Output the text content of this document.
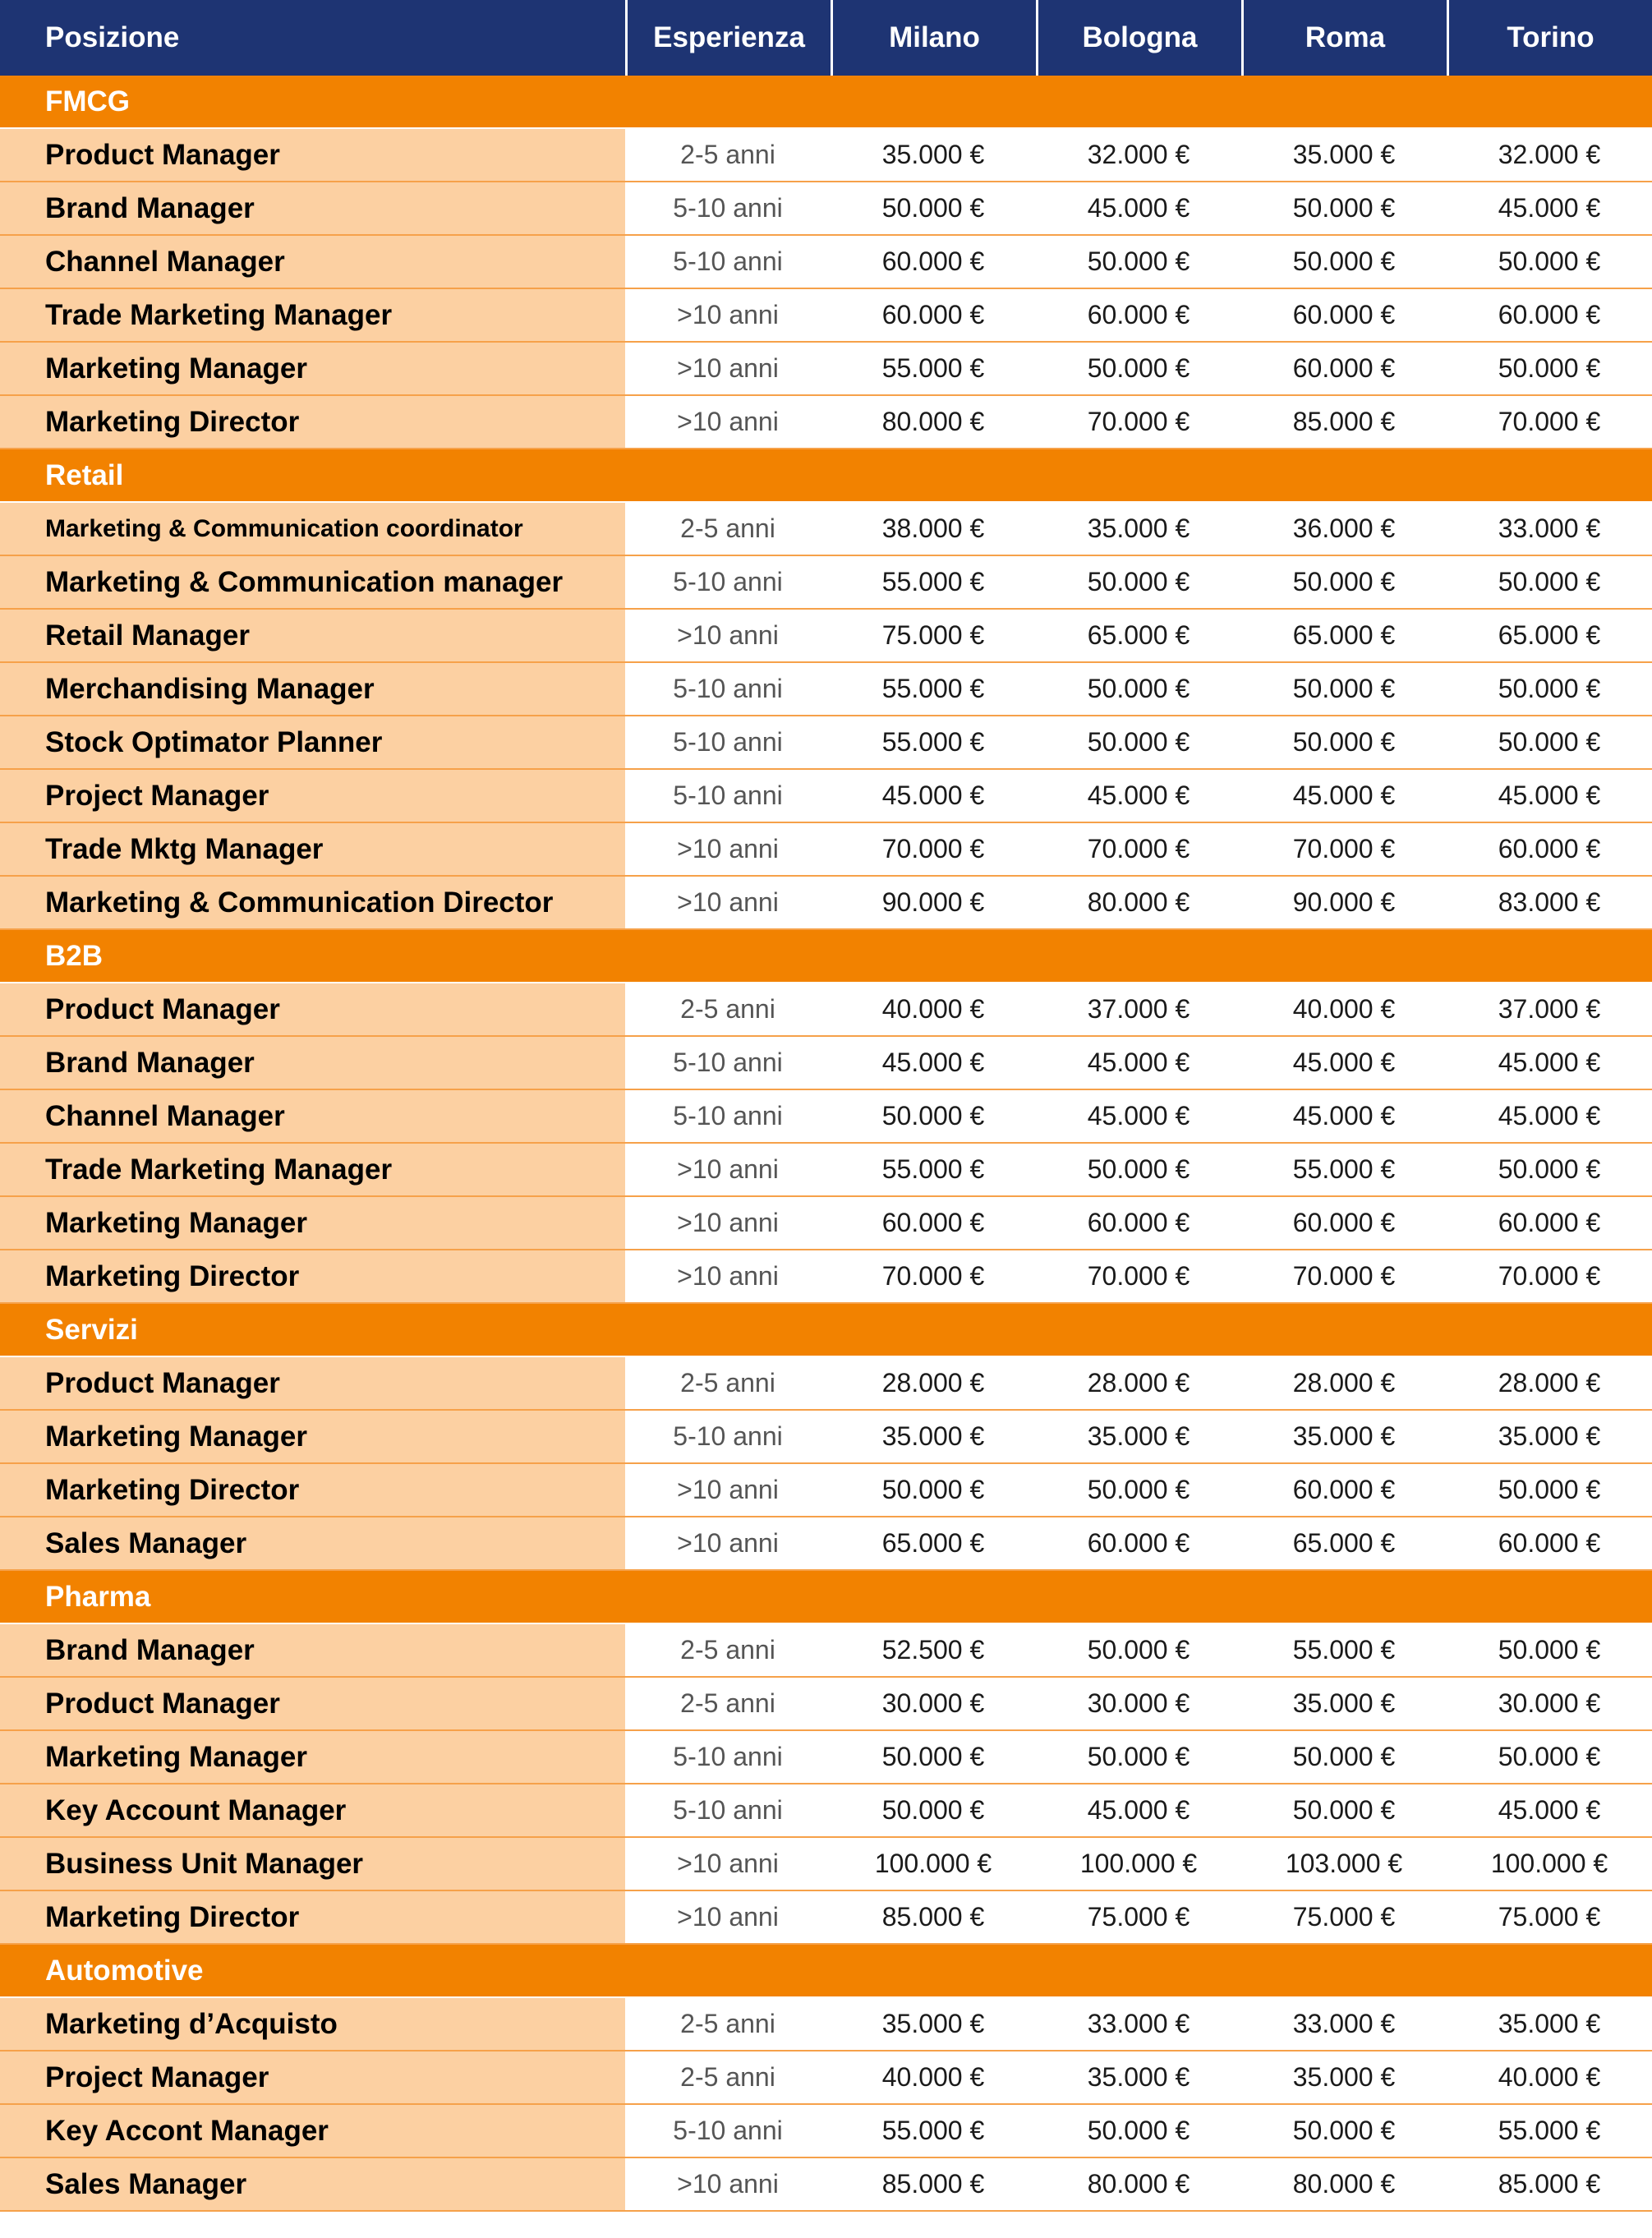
Posizione	Esperienza	Milano	Bologna	Roma	Torino
FMCG					
Product Manager	2-5 anni	35.000 €	32.000 €	35.000 €	32.000 €
Brand Manager	5-10 anni	50.000 €	45.000 €	50.000 €	45.000 €
Channel Manager	5-10 anni	60.000 €	50.000 €	50.000 €	50.000 €
Trade Marketing Manager	>10 anni	60.000 €	60.000 €	60.000 €	60.000 €
Marketing Manager	>10 anni	55.000 €	50.000 €	60.000 €	50.000 €
Marketing Director	>10 anni	80.000 €	70.000 €	85.000 €	70.000 €
Retail					
Marketing & Communication coordinator	2-5 anni	38.000 €	35.000 €	36.000 €	33.000 €
Marketing & Communication manager	5-10 anni	55.000 €	50.000 €	50.000 €	50.000 €
Retail Manager	>10 anni	75.000 €	65.000 €	65.000 €	65.000 €
Merchandising Manager	5-10 anni	55.000 €	50.000 €	50.000 €	50.000 €
Stock Optimator Planner	5-10 anni	55.000 €	50.000 €	50.000 €	50.000 €
Project Manager	5-10 anni	45.000 €	45.000 €	45.000 €	45.000 €
Trade Mktg Manager	>10 anni	70.000 €	70.000 €	70.000 €	60.000 €
Marketing & Communication Director	>10 anni	90.000 €	80.000 €	90.000 €	83.000 €
B2B					
Product Manager	2-5 anni	40.000 €	37.000 €	40.000 €	37.000 €
Brand Manager	5-10 anni	45.000 €	45.000 €	45.000 €	45.000 €
Channel Manager	5-10 anni	50.000 €	45.000 €	45.000 €	45.000 €
Trade Marketing Manager	>10 anni	55.000 €	50.000 €	55.000 €	50.000 €
Marketing Manager	>10 anni	60.000 €	60.000 €	60.000 €	60.000 €
Marketing Director	>10 anni	70.000 €	70.000 €	70.000 €	70.000 €
Servizi					
Product Manager	2-5 anni	28.000 €	28.000 €	28.000 €	28.000 €
Marketing Manager	5-10 anni	35.000 €	35.000 €	35.000 €	35.000 €
Marketing Director	>10 anni	50.000 €	50.000 €	60.000 €	50.000 €
Sales Manager	>10 anni	65.000 €	60.000 €	65.000 €	60.000 €
Pharma					
Brand Manager	2-5 anni	52.500 €	50.000 €	55.000 €	50.000 €
Product Manager	2-5 anni	30.000 €	30.000 €	35.000 €	30.000 €
Marketing Manager	5-10 anni	50.000 €	50.000 €	50.000 €	50.000 €
Key Account Manager	5-10 anni	50.000 €	45.000 €	50.000 €	45.000 €
Business Unit Manager	>10 anni	100.000 €	100.000 €	103.000 €	100.000 €
Marketing Director	>10 anni	85.000 €	75.000 €	75.000 €	75.000 €
Automotive					
Marketing d’Acquisto	2-5 anni	35.000 €	33.000 €	33.000 €	35.000 €
Project Manager	2-5 anni	40.000 €	35.000 €	35.000 €	40.000 €
Key Accont Manager	5-10 anni	55.000 €	50.000 €	50.000 €	55.000 €
Sales Manager	>10 anni	85.000 €	80.000 €	80.000 €	85.000 €
